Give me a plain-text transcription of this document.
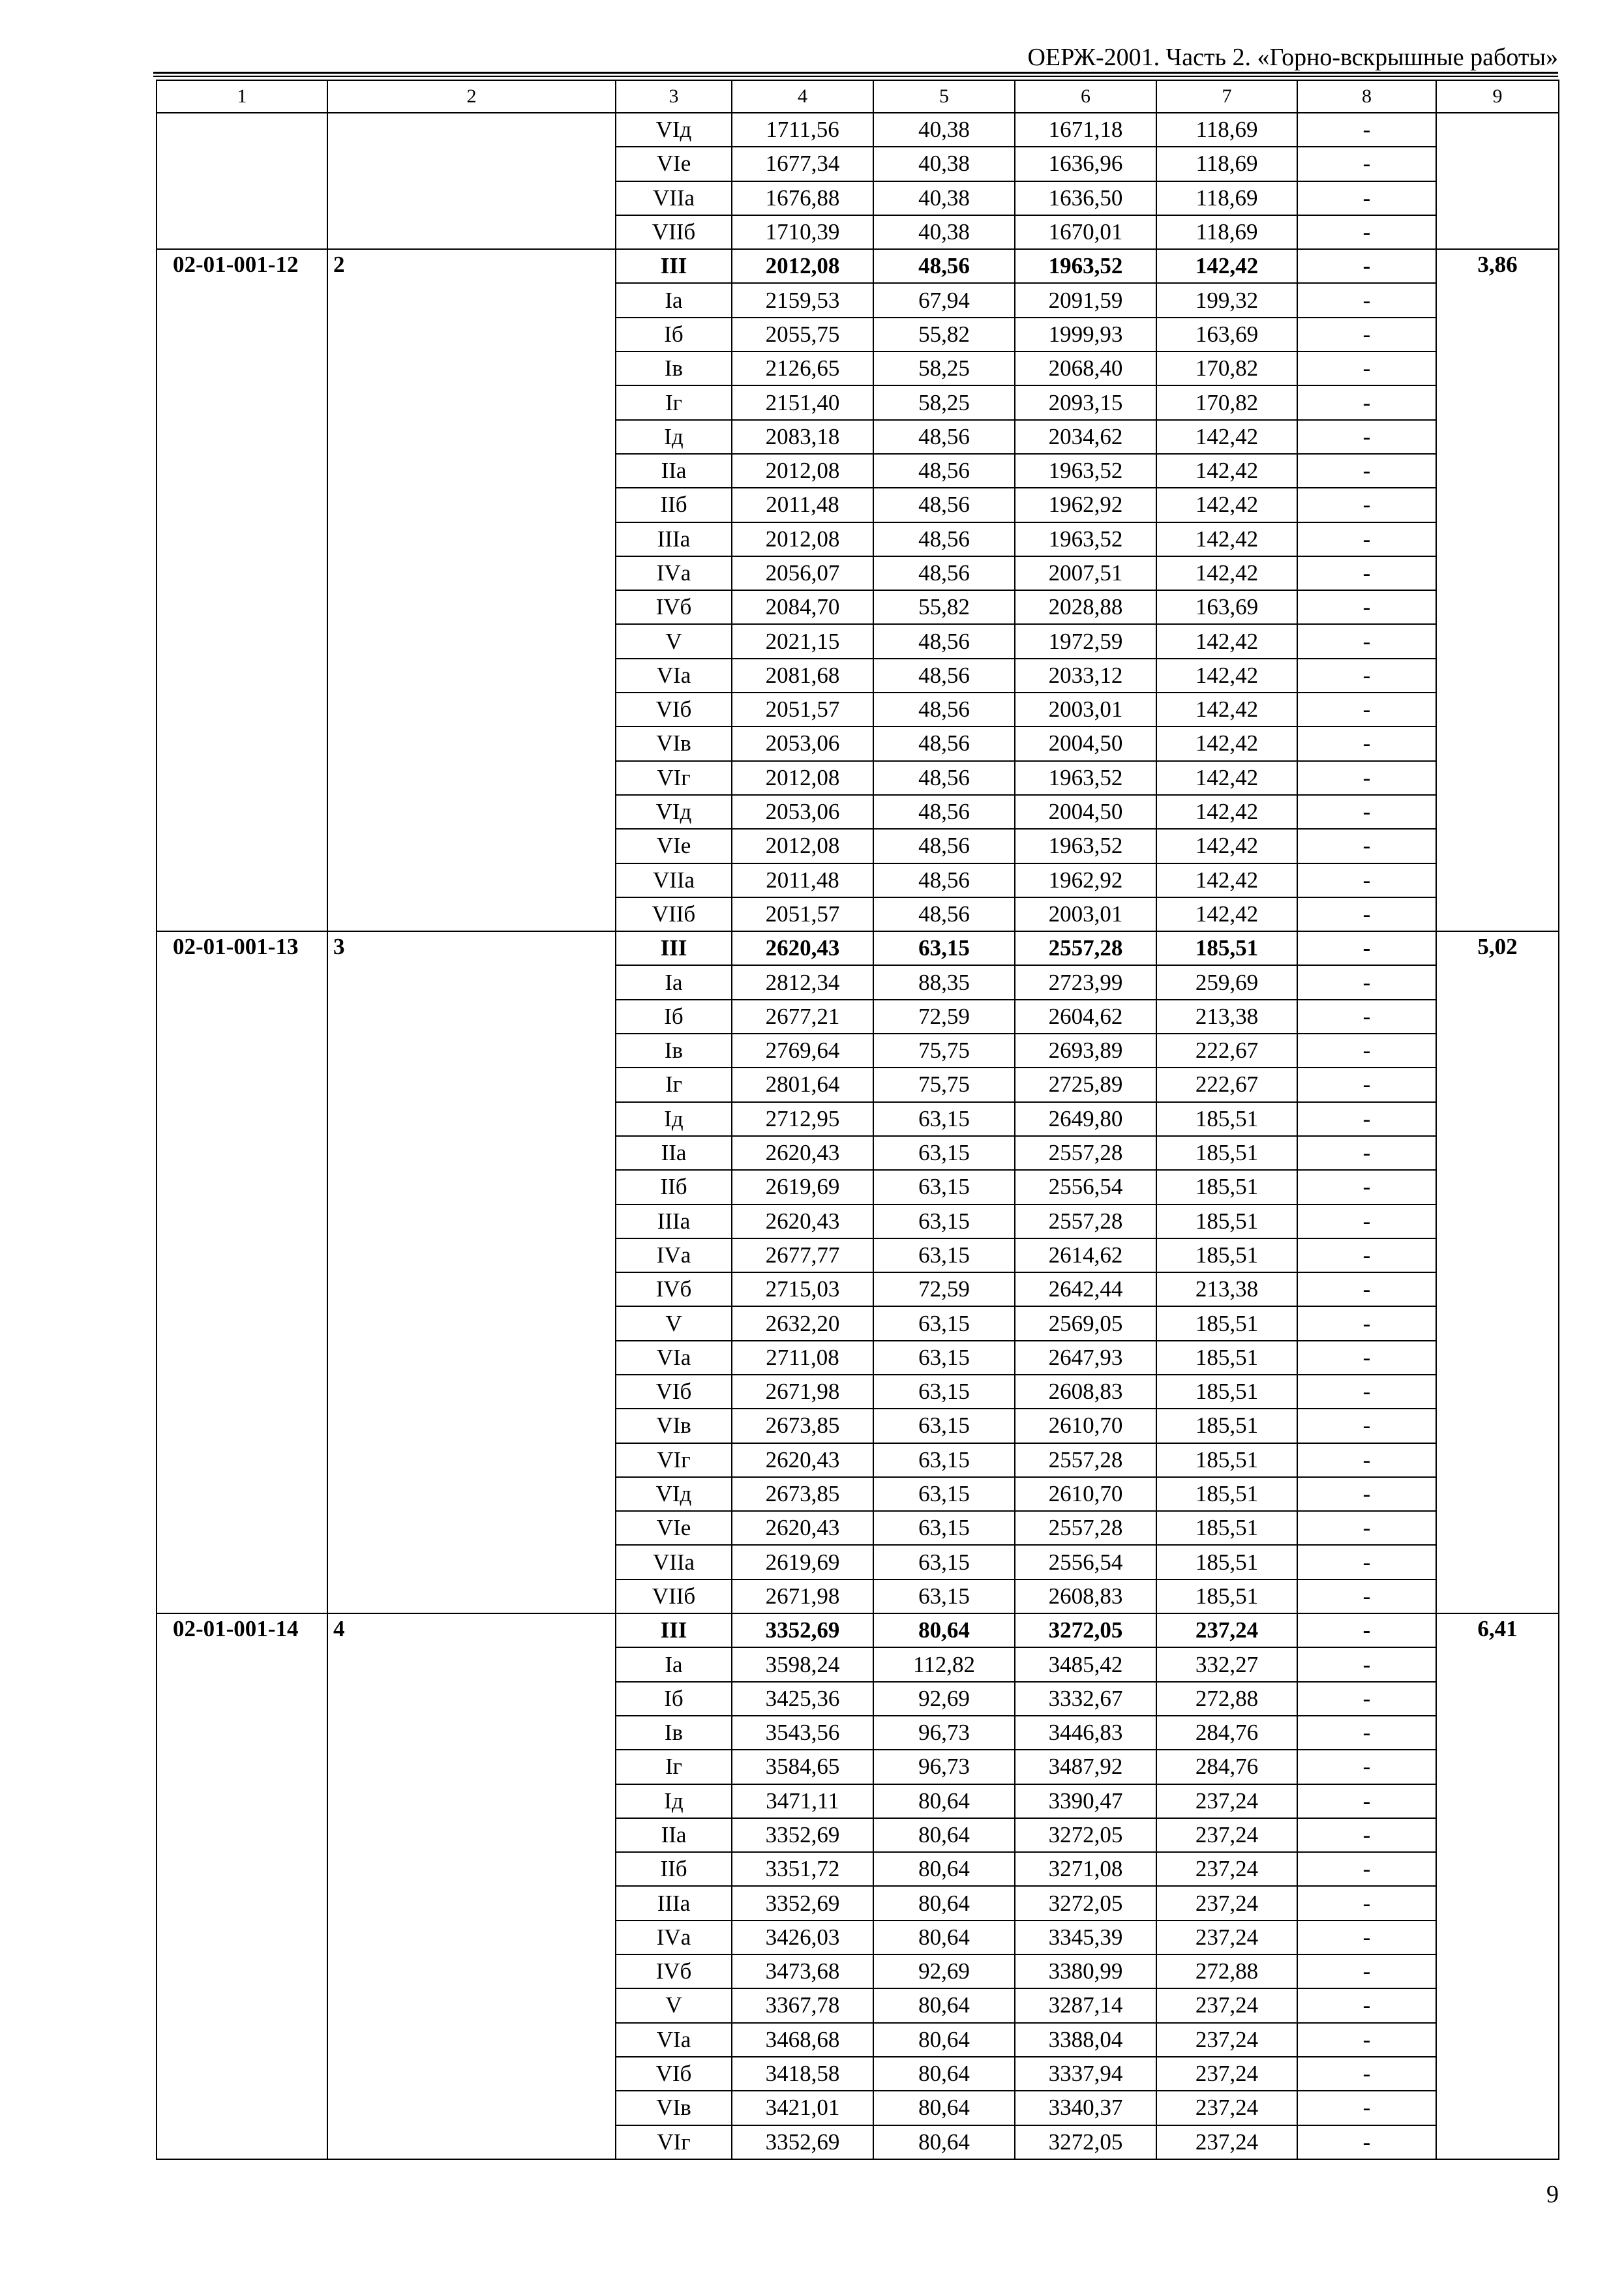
ОЕРЖ-2001. Часть 2. «Горно-вскрышные работы»
1	2	3	4	5	6	7	8	9
		VIд	1711,56	40,38	1671,18	118,69	-	
		VIе	1677,34	40,38	1636,96	118,69	-	
		VIIа	1676,88	40,38	1636,50	118,69	-	
		VIIб	1710,39	40,38	1670,01	118,69	-	
02-01-001-12	2	III	2012,08	48,56	1963,52	142,42	-	3,86
		Iа	2159,53	67,94	2091,59	199,32	-	
		Iб	2055,75	55,82	1999,93	163,69	-	
		Iв	2126,65	58,25	2068,40	170,82	-	
		Iг	2151,40	58,25	2093,15	170,82	-	
		Iд	2083,18	48,56	2034,62	142,42	-	
		IIа	2012,08	48,56	1963,52	142,42	-	
		IIб	2011,48	48,56	1962,92	142,42	-	
		IIIа	2012,08	48,56	1963,52	142,42	-	
		IVа	2056,07	48,56	2007,51	142,42	-	
		IVб	2084,70	55,82	2028,88	163,69	-	
		V	2021,15	48,56	1972,59	142,42	-	
		VIа	2081,68	48,56	2033,12	142,42	-	
		VIб	2051,57	48,56	2003,01	142,42	-	
		VIв	2053,06	48,56	2004,50	142,42	-	
		VIг	2012,08	48,56	1963,52	142,42	-	
		VIд	2053,06	48,56	2004,50	142,42	-	
		VIе	2012,08	48,56	1963,52	142,42	-	
		VIIа	2011,48	48,56	1962,92	142,42	-	
		VIIб	2051,57	48,56	2003,01	142,42	-	
02-01-001-13	3	III	2620,43	63,15	2557,28	185,51	-	5,02
		Iа	2812,34	88,35	2723,99	259,69	-	
		Iб	2677,21	72,59	2604,62	213,38	-	
		Iв	2769,64	75,75	2693,89	222,67	-	
		Iг	2801,64	75,75	2725,89	222,67	-	
		Iд	2712,95	63,15	2649,80	185,51	-	
		IIа	2620,43	63,15	2557,28	185,51	-	
		IIб	2619,69	63,15	2556,54	185,51	-	
		IIIа	2620,43	63,15	2557,28	185,51	-	
		IVа	2677,77	63,15	2614,62	185,51	-	
		IVб	2715,03	72,59	2642,44	213,38	-	
		V	2632,20	63,15	2569,05	185,51	-	
		VIа	2711,08	63,15	2647,93	185,51	-	
		VIб	2671,98	63,15	2608,83	185,51	-	
		VIв	2673,85	63,15	2610,70	185,51	-	
		VIг	2620,43	63,15	2557,28	185,51	-	
		VIд	2673,85	63,15	2610,70	185,51	-	
		VIе	2620,43	63,15	2557,28	185,51	-	
		VIIа	2619,69	63,15	2556,54	185,51	-	
		VIIб	2671,98	63,15	2608,83	185,51	-	
02-01-001-14	4	III	3352,69	80,64	3272,05	237,24	-	6,41
		Iа	3598,24	112,82	3485,42	332,27	-	
		Iб	3425,36	92,69	3332,67	272,88	-	
		Iв	3543,56	96,73	3446,83	284,76	-	
		Iг	3584,65	96,73	3487,92	284,76	-	
		Iд	3471,11	80,64	3390,47	237,24	-	
		IIа	3352,69	80,64	3272,05	237,24	-	
		IIб	3351,72	80,64	3271,08	237,24	-	
		IIIа	3352,69	80,64	3272,05	237,24	-	
		IVа	3426,03	80,64	3345,39	237,24	-	
		IVб	3473,68	92,69	3380,99	272,88	-	
		V	3367,78	80,64	3287,14	237,24	-	
		VIа	3468,68	80,64	3388,04	237,24	-	
		VIб	3418,58	80,64	3337,94	237,24	-	
		VIв	3421,01	80,64	3340,37	237,24	-	
		VIг	3352,69	80,64	3272,05	237,24	-	
9
